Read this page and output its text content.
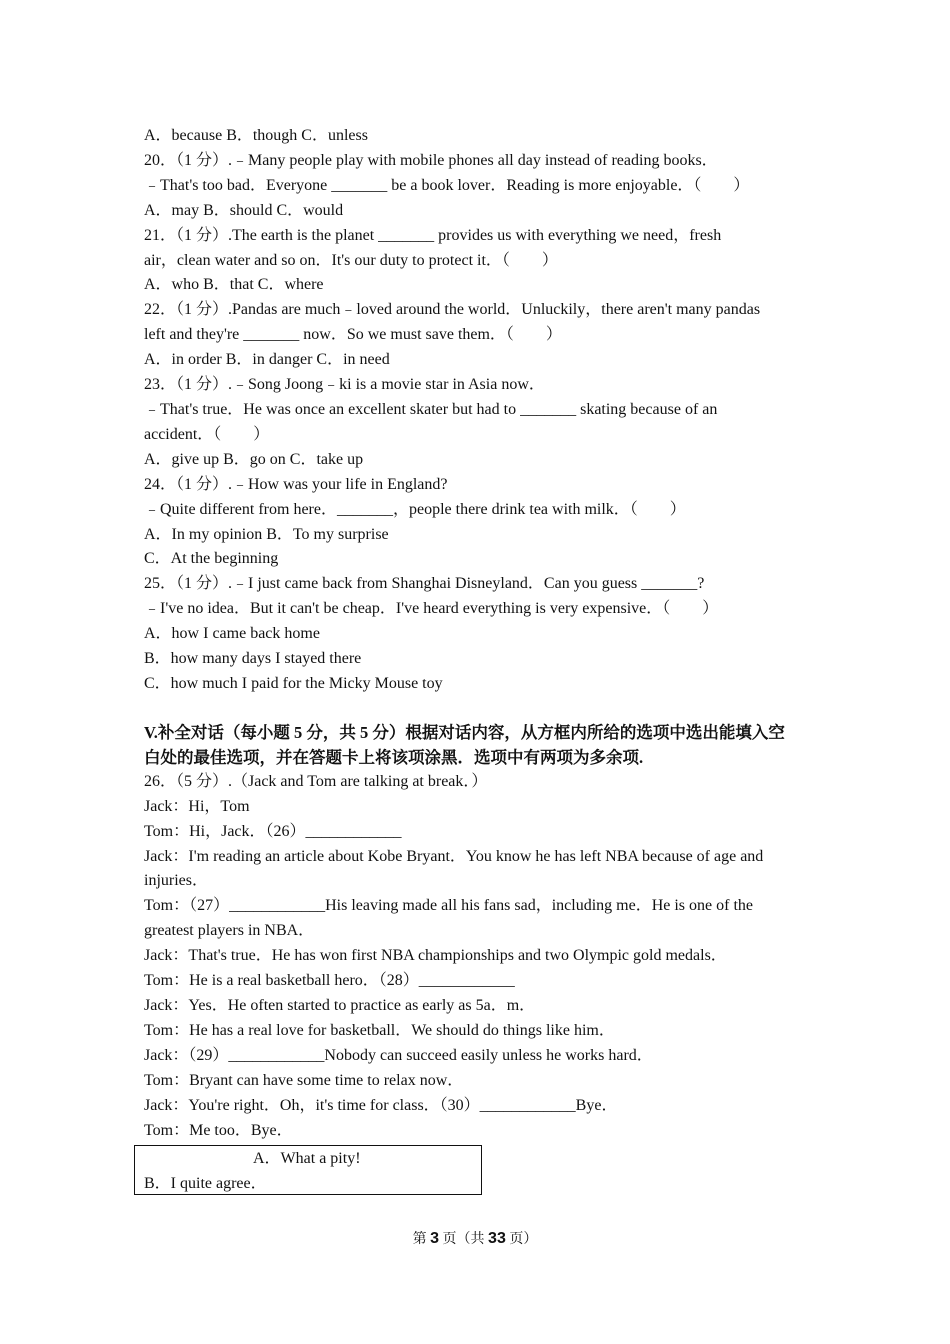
A．because B．though C．unless
20．（1 分）.﹣Many people play with mobile phones all day instead of reading books．
﹣That's too bad．Everyone _______ be a book lover．Reading is more enjoyable．（　　）
A．may B．should C．would
21．（1 分）.The earth is the planet _______ provides us with everything we need，fresh
air，clean water and so on．It's our duty to protect it．（　　）
A．who B．that C．where
22．（1 分）.Pandas are much﹣loved around the world．Unluckily，there aren't many pandas
left and they're _______ now．So we must save them．（　　）
A．in order B．in danger C．in need
23．（1 分）.﹣Song Joong﹣ki is a movie star in Asia now．
﹣That's true．He was once an excellent skater but had to _______ skating because of an
accident．（　　）
A．give up B．go on C．take up
24．（1 分）.﹣How was your life in England?
﹣Quite different from here．_______，people there drink tea with milk．（　　）
A．In my opinion B．To my surprise
C．At the beginning
25．（1 分）.﹣I just came back from Shanghai Disneyland．Can you guess _______?
﹣I've no idea．But it can't be cheap．I've heard everything is very expensive．（　　）
A．how I came back home
B．how many days I stayed there
C．how much I paid for the Micky Mouse toy
V.补全对话（每小题 5 分，共 5 分）根据对话内容，从方框内所给的选项中选出能填入空
白处的最佳选项，并在答题卡上将该项涂黑．选项中有两项为多余项.
26．（5 分）.（Jack and Tom are talking at break．）
Jack：Hi，Tom
Tom：Hi，Jack．（26）____________
Jack：I'm reading an article about Kobe Bryant．You know he has left NBA because of age and
injuries．
Tom：（27）____________His leaving made all his fans sad，including me．He is one of the
greatest players in NBA．
Jack：That's true．He has won first NBA championships and two Olympic gold medals．
Tom：He is a real basketball hero．（28）____________
Jack：Yes．He often started to practice as early as 5a．m．
Tom：He has a real love for basketball．We should do things like him．
Jack：（29）____________Nobody can succeed easily unless he works hard．
Tom：Bryant can have some time to relax now．
Jack：You're right．Oh，it's time for class．（30）____________Bye．
Tom：Me too．Bye．
A．What a pity!
B．I quite agree．
第 3 页（共 33 页）
